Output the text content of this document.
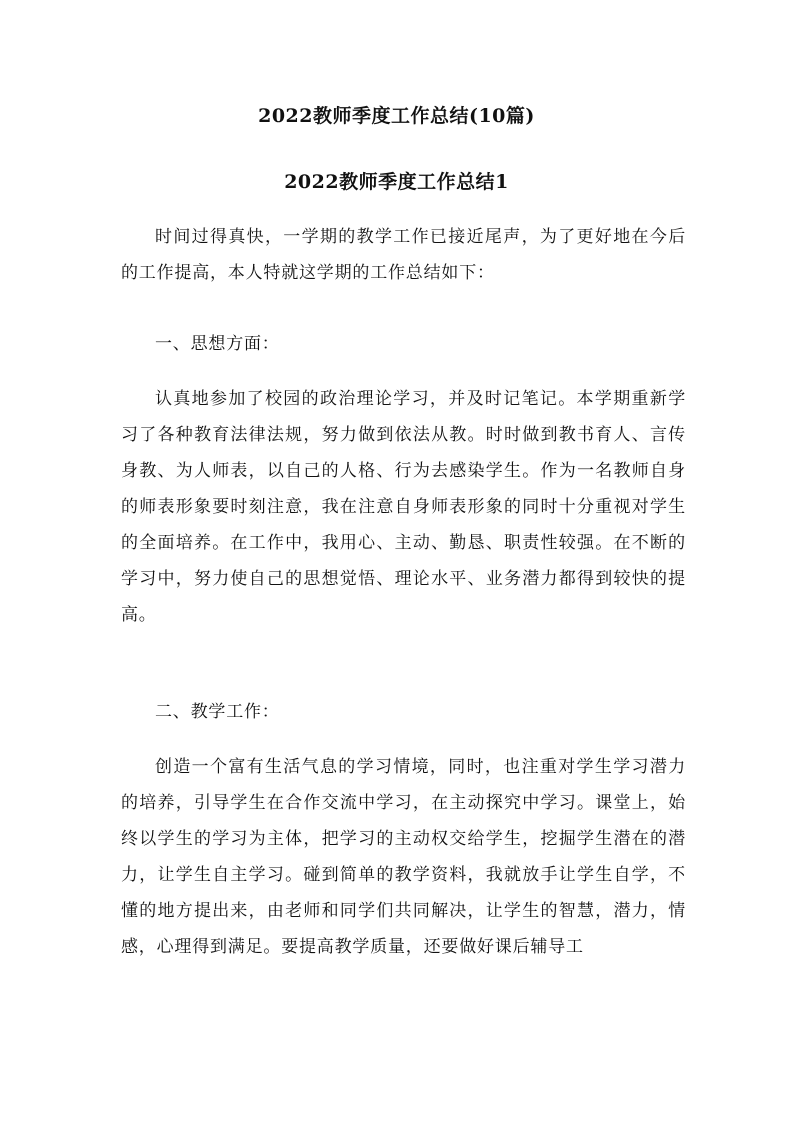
2022教师季度工作总结(10篇)
2022教师季度工作总结1
时间过得真快，一学期的教学工作已接近尾声，为了更好地在今后的工作提高，本人特就这学期的工作总结如下：
一、思想方面：
认真地参加了校园的政治理论学习，并及时记笔记。本学期重新学习了各种教育法律法规，努力做到依法从教。时时做到教书育人、言传身教、为人师表，以自己的人格、行为去感染学生。作为一名教师自身的师表形象要时刻注意，我在注意自身师表形象的同时十分重视对学生的全面培养。在工作中，我用心、主动、勤恳、职责性较强。在不断的学习中，努力使自己的思想觉悟、理论水平、业务潜力都得到较快的提高。
二、教学工作：
创造一个富有生活气息的学习情境，同时，也注重对学生学习潜力的培养，引导学生在合作交流中学习，在主动探究中学习。课堂上，始终以学生的学习为主体，把学习的主动权交给学生，挖掘学生潜在的潜力，让学生自主学习。碰到简单的教学资料，我就放手让学生自学，不懂的地方提出来，由老师和同学们共同解决，让学生的智慧，潜力，情感，心理得到满足。要提高教学质量，还要做好课后辅导工
